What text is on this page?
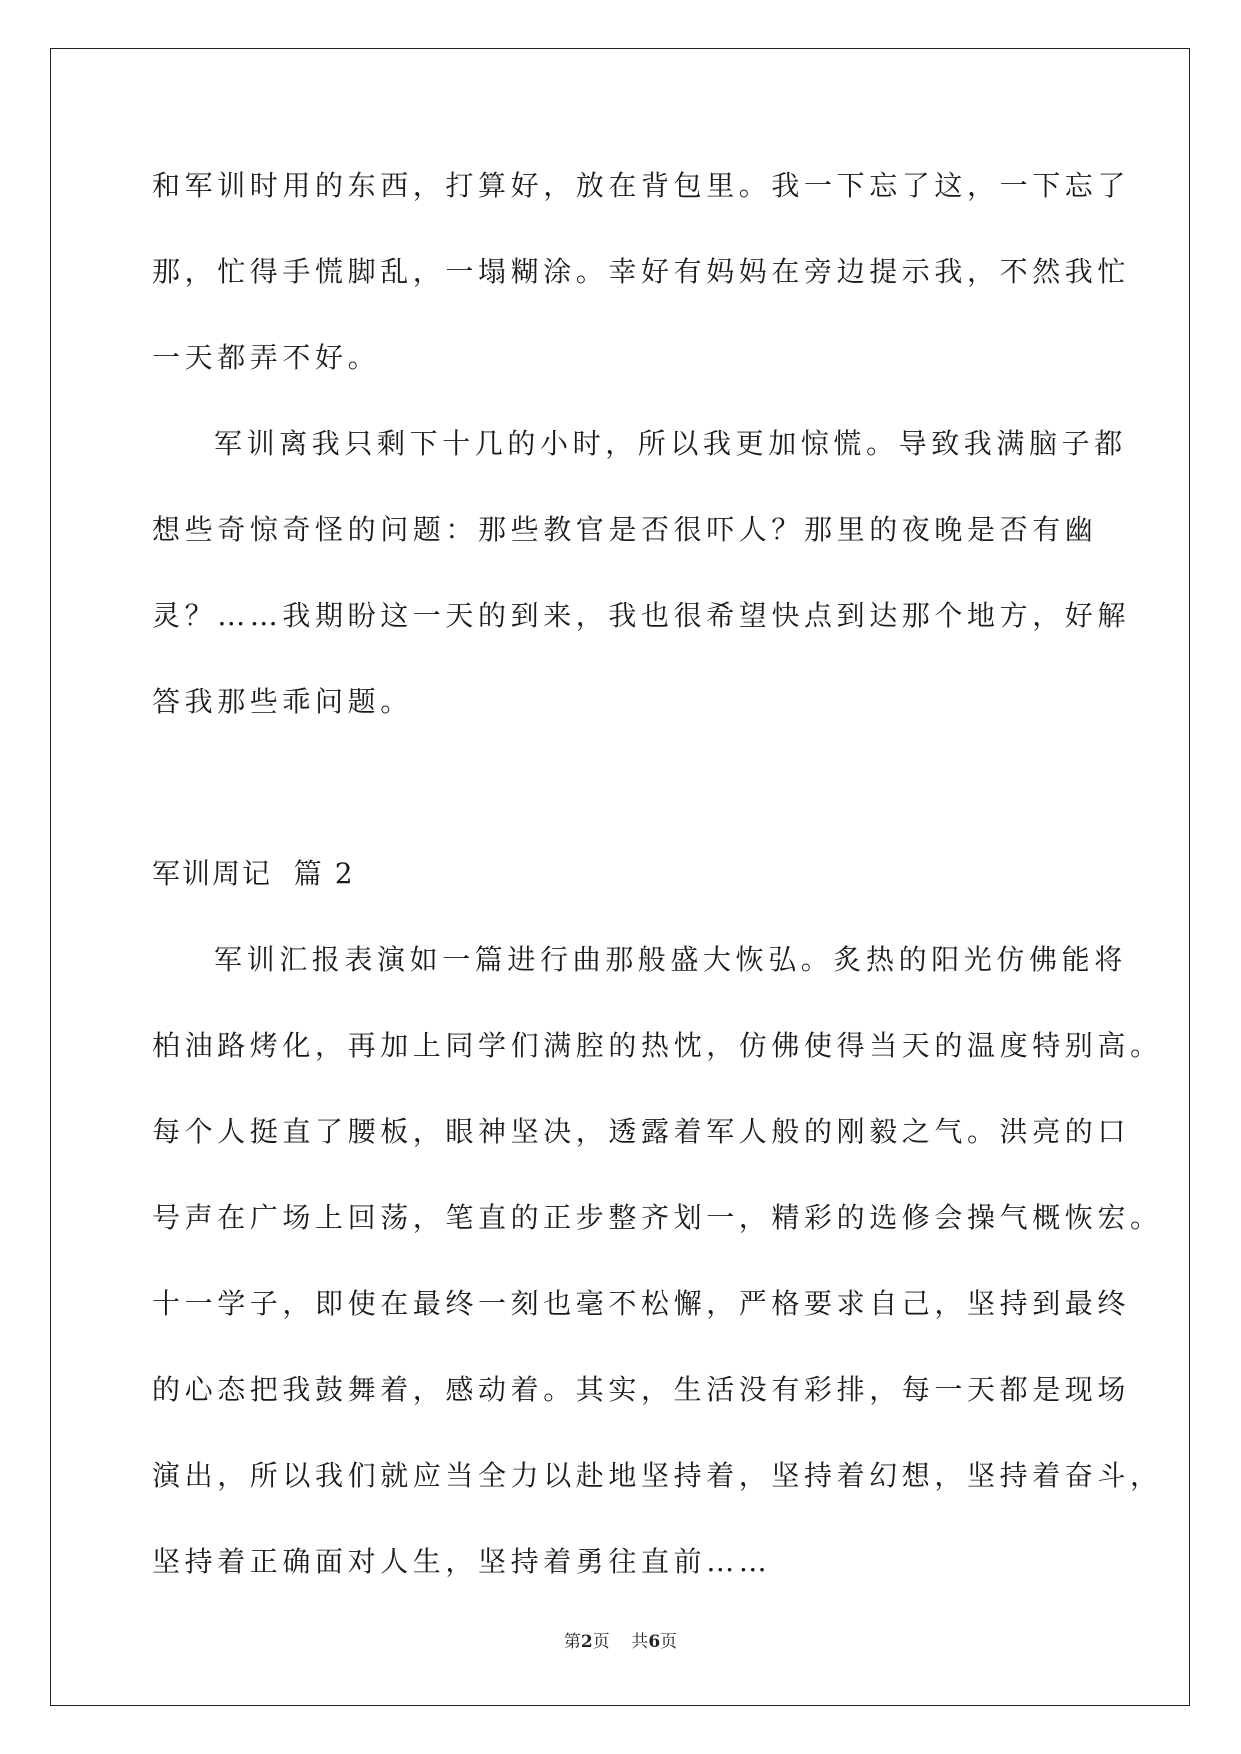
和军训时用的东西，打算好，放在背包里。我一下忘了这，一下忘了
那，忙得手慌脚乱，一塌糊涂。幸好有妈妈在旁边提示我，不然我忙
一天都弄不好。
军训离我只剩下十几的小时，所以我更加惊慌。导致我满脑子都
想些奇惊奇怪的问题：那些教官是否很吓人？那里的夜晚是否有幽
灵？……我期盼这一天的到来，我也很希望快点到达那个地方，好解
答我那些乖问题。
军训周记  篇 2
军训汇报表演如一篇进行曲那般盛大恢弘。炙热的阳光仿佛能将
柏油路烤化，再加上同学们满腔的热忱，仿佛使得当天的温度特别高。
每个人挺直了腰板，眼神坚决，透露着军人般的刚毅之气。洪亮的口
号声在广场上回荡，笔直的正步整齐划一，精彩的选修会操气概恢宏。
十一学子，即使在最终一刻也毫不松懈，严格要求自己，坚持到最终
的心态把我鼓舞着，感动着。其实，生活没有彩排，每一天都是现场
演出，所以我们就应当全力以赴地坚持着，坚持着幻想，坚持着奋斗，
坚持着正确面对人生，坚持着勇往直前……
第2页    共6页
